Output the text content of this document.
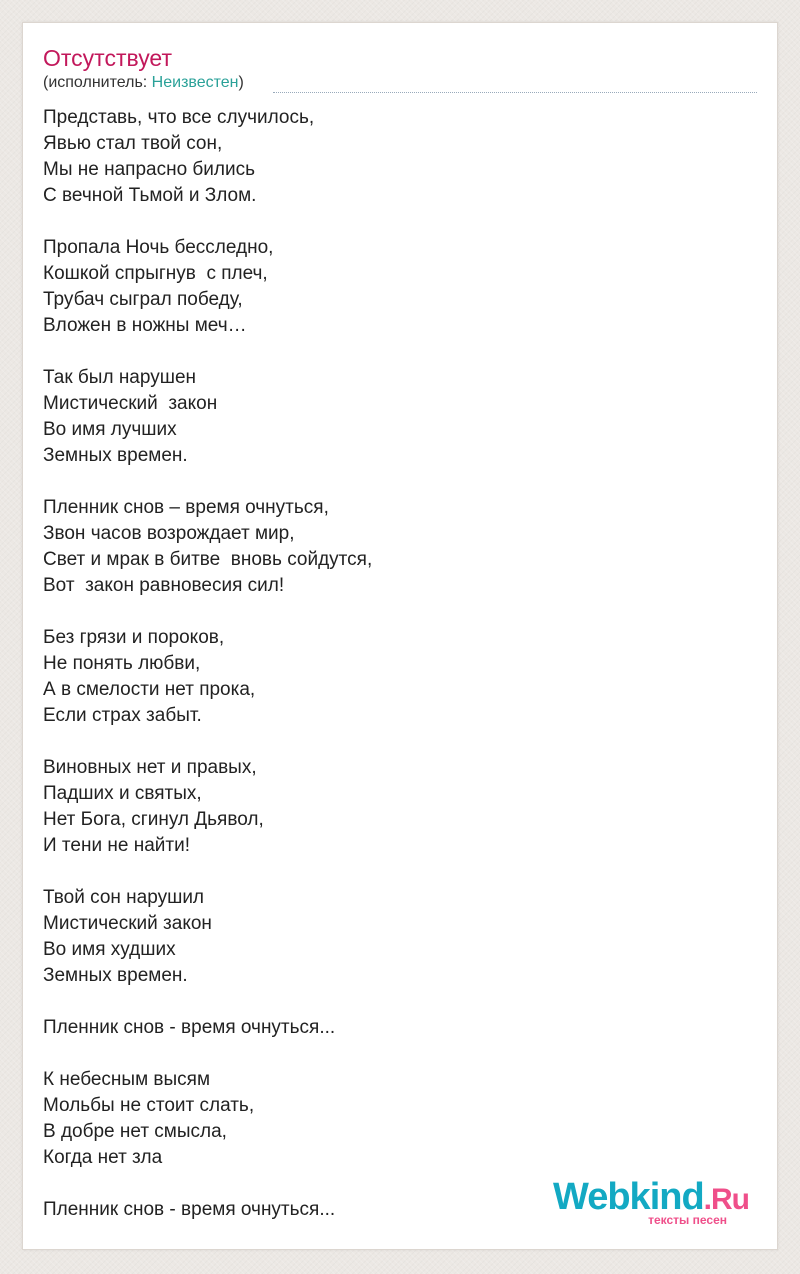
Отсутствует
(исполнитель: Неизвестен)
Представь, что все случилось,
Явью стал твой сон,
Мы не напрасно бились
С вечной Тьмой и Злом.
Пропала Ночь бесследно,
Кошкой спрыгнув  с плеч,
Трубач сыграл победу,
Вложен в ножны меч…
Так был нарушен
Мистический  закон
Во имя лучших
Земных времен.
Пленник снов – время очнуться,
Звон часов возрождает мир,
Свет и мрак в битве  вновь сойдутся,
Вот  закон равновесия сил!
Без грязи и пороков,
Не понять любви,
А в смелости нет прока,
Если страх забыт.
Виновных нет и правых,
Падших и святых,
Нет Бога, сгинул Дьявол,
И тени не найти!
Твой сон нарушил
Мистический закон
Во имя худших
Земных времен.
Пленник снов - время очнуться...
К небесным высям
Мольбы не стоит слать,
В добре нет смысла,
Когда нет зла
Пленник снов - время очнуться...	Webkind.Ru
тексты песен
